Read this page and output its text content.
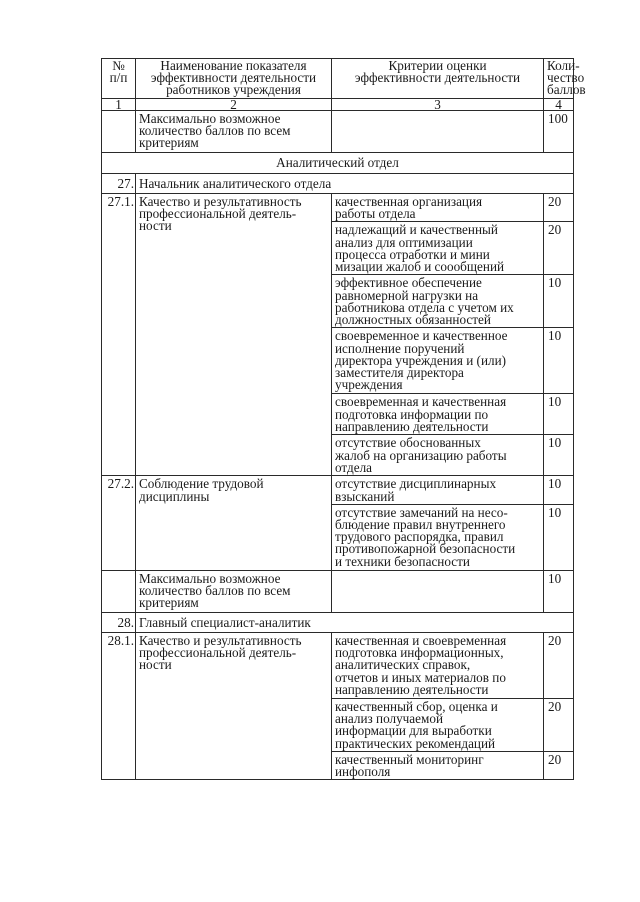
№
п/п	Наименование показателя
эффективности деятельности
работников учреждения	Критерии оценки
эффективности деятельности	Коли-
чество
баллов

1	2	3	4

	Максимально возможное
количество баллов по всем
критериям		100
Аналитический отдел			
27.	Начальник аналитического отдела		
27.1.	Качество и результативность
профессиональной деятель-
ности	качественная организация
работы отдела	20

		надлежащий и качественный
анализ для оптимизации
процесса отработки и мини
мизации жалоб и соообщений	20

		эффективное обеспечение
равномерной нагрузки на
работникова отдела с учетом их
должностных обязанностей	10

		своевременное и качественное
исполнение поручений
директора учреждения и (или)
заместителя директора
учреждения	10

		своевременная и качественная
подготовка информации по
направлению деятельности	10

		отсутствие обоснованных
жалоб на организацию работы
отдела	10
27.2.	Соблюдение трудовой
дисциплины	отсутствие дисциплинарных
взысканий	10

		отсутствие замечаний на несо-
блюдение правил внутреннего
трудового распорядка, правил
противопожарной безопасности
и техники безопасности	10

	Максимально возможное
количество баллов по всем
критериям		10
28.	Главный специалист-аналитик		
28.1.	Качество и результативность
профессиональной деятель-
ности	качественная и своевременная
подготовка информационных,
аналитических справок,
отчетов и иных материалов по
направлению деятельности	20

		качественный сбор, оценка и
анализ получаемой
информации для выработки
практических рекомендаций	20

		качественный мониторинг
инфополя	20
